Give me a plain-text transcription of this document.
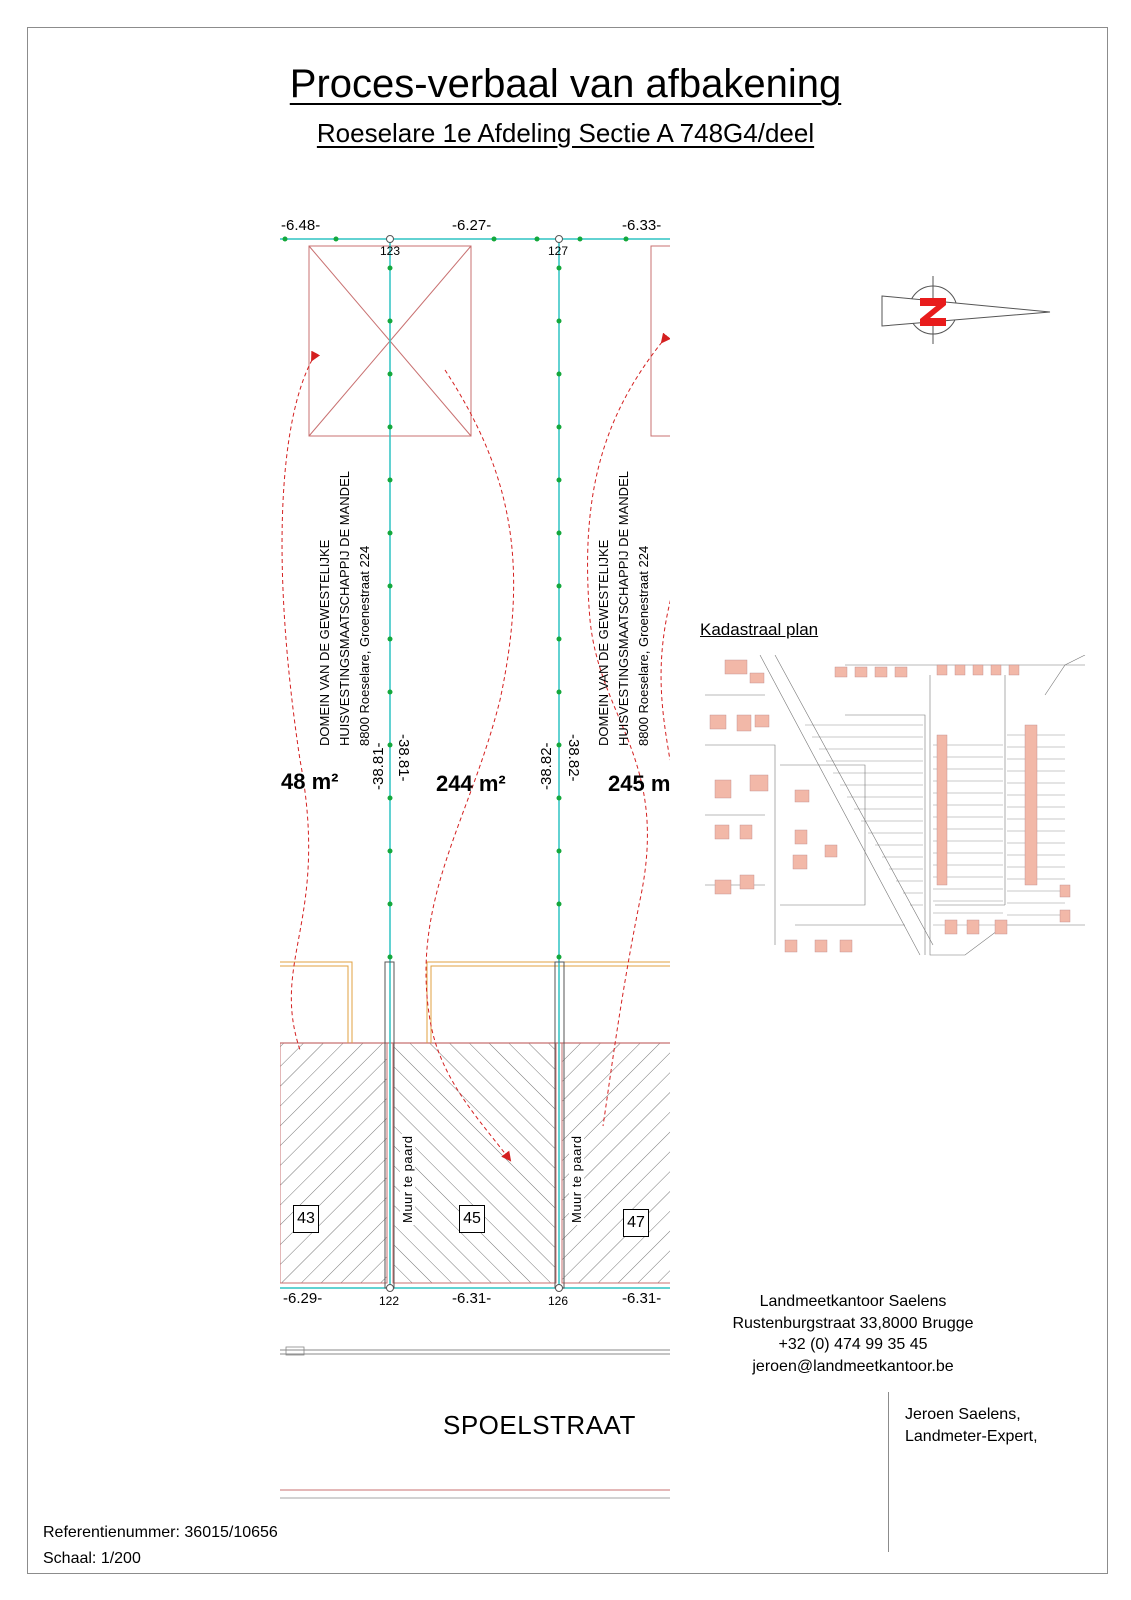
Proces-verbaal van afbakening
Roeselare 1e Afdeling Sectie A 748G4/deel
-6.48-	-6.27-	-6.33-
-6.29-	-6.31-	-6.31-
123	127
122	126
-38.81- -38.81-	-38.82- -38.82-
48 m²	244 m²	245 m
DOMEIN VAN DE GEWESTELIJKE HUISVESTINGSMAATSCHAPPIJ DE MANDEL 8800 Roeselare, Groenestraat 224	DOMEIN VAN DE GEWESTELIJKE HUISVESTINGSMAATSCHAPPIJ DE MANDEL 8800 Roeselare, Groenestraat 224
43	45	47
Muur te paard	Muur te paard
SPOELSTRAAT
Kadastraal plan
Landmeetkantoor Saelens
Rustenburgstraat 33,8000 Brugge
+32 (0) 474 99 35 45
jeroen@landmeetkantoor.be
Jeroen Saelens,
Landmeter-Expert,
Referentienummer: 36015/10656
Schaal: 1/200
